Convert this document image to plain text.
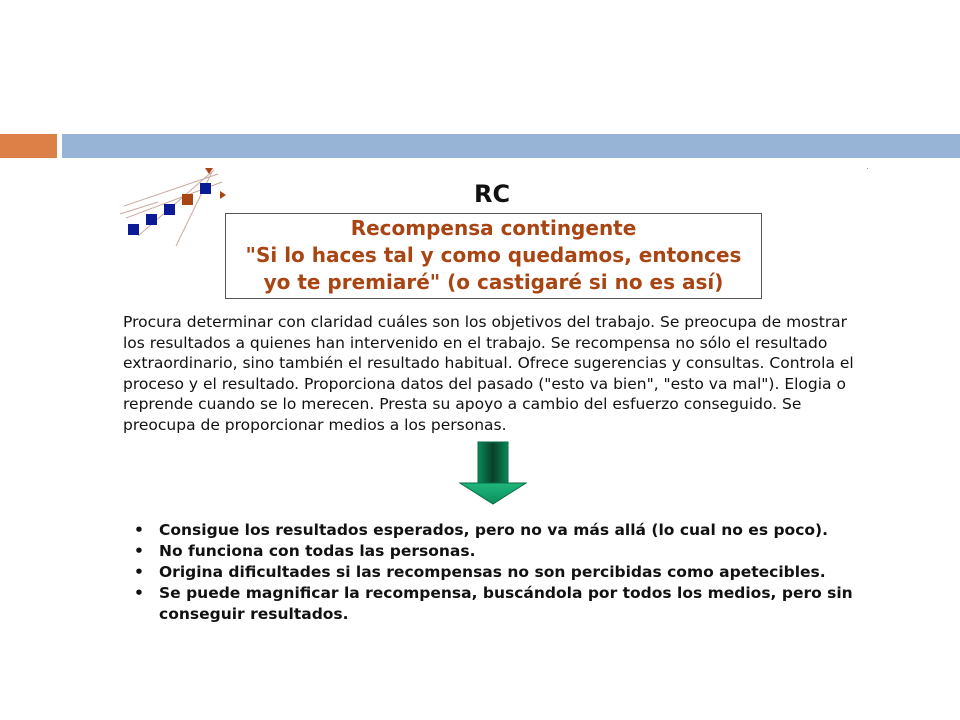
RC
Recompensa contingente
"Si lo haces tal y como quedamos, entonces
yo te premiaré" (o castigaré si no es así)

Procura determinar con claridad cuáles son los objetivos del trabajo. Se preocupa de mostrar los resultados a quienes han intervenido en el trabajo. Se recompensa no sólo el resultado extraordinario, sino también el resultado habitual. Ofrece sugerencias y consultas. Controla el proceso y el resultado. Proporciona datos del pasado ("esto va bien", "esto va mal"). Elogia o reprende cuando se lo merecen. Presta su apoyo a cambio del esfuerzo conseguido. Se preocupa de proporcionar medios a los personas.

• Consigue los resultados esperados, pero no va más allá (lo cual no es poco).
• No funciona con todas las personas.
• Origina dificultades si las recompensas no son percibidas como apetecibles.
• Se puede magnificar la recompensa, buscándola por todos los medios, pero sin conseguir resultados.
